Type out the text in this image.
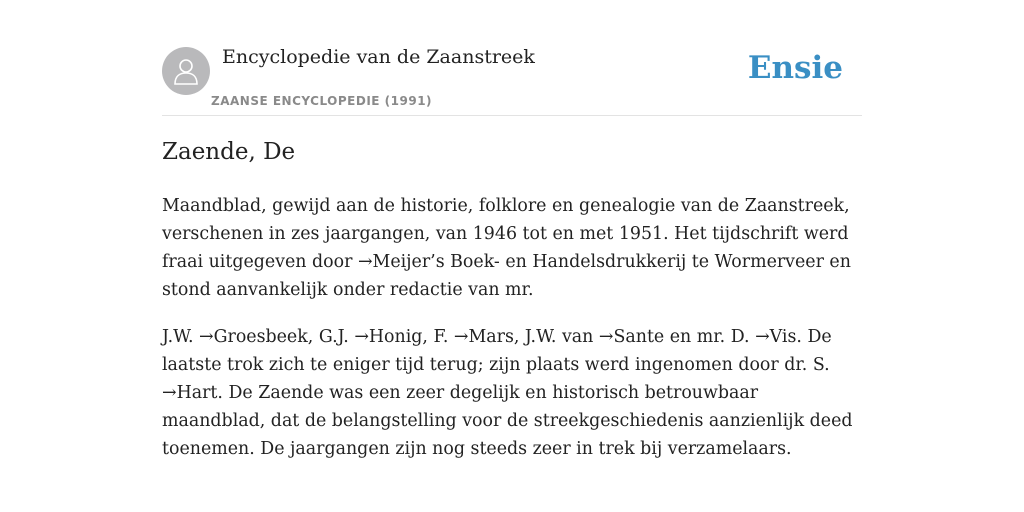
Encyclopedie van de Zaanstreek
ZAANSE ENCYCLOPEDIE (1991)
Ensie
Zaende, De

Maandblad, gewijd aan de historie, folklore en genealogie van de Zaanstreek, verschenen in zes jaargangen, van 1946 tot en met 1951. Het tijdschrift werd fraai uitgegeven door →Meijer’s Boek- en Handelsdrukkerij te Wormerveer en stond aanvankelijk onder redactie van mr.

J.W. →Groesbeek, G.J. →Honig, F. →Mars, J.W. van →Sante en mr. D. →Vis. De laatste trok zich te eniger tijd terug; zijn plaats werd ingenomen door dr. S. →Hart. De Zaende was een zeer degelijk en historisch betrouwbaar maandblad, dat de belangstelling voor de streekgeschiedenis aanzienlijk deed toenemen. De jaargangen zijn nog steeds zeer in trek bij verzamelaars.
